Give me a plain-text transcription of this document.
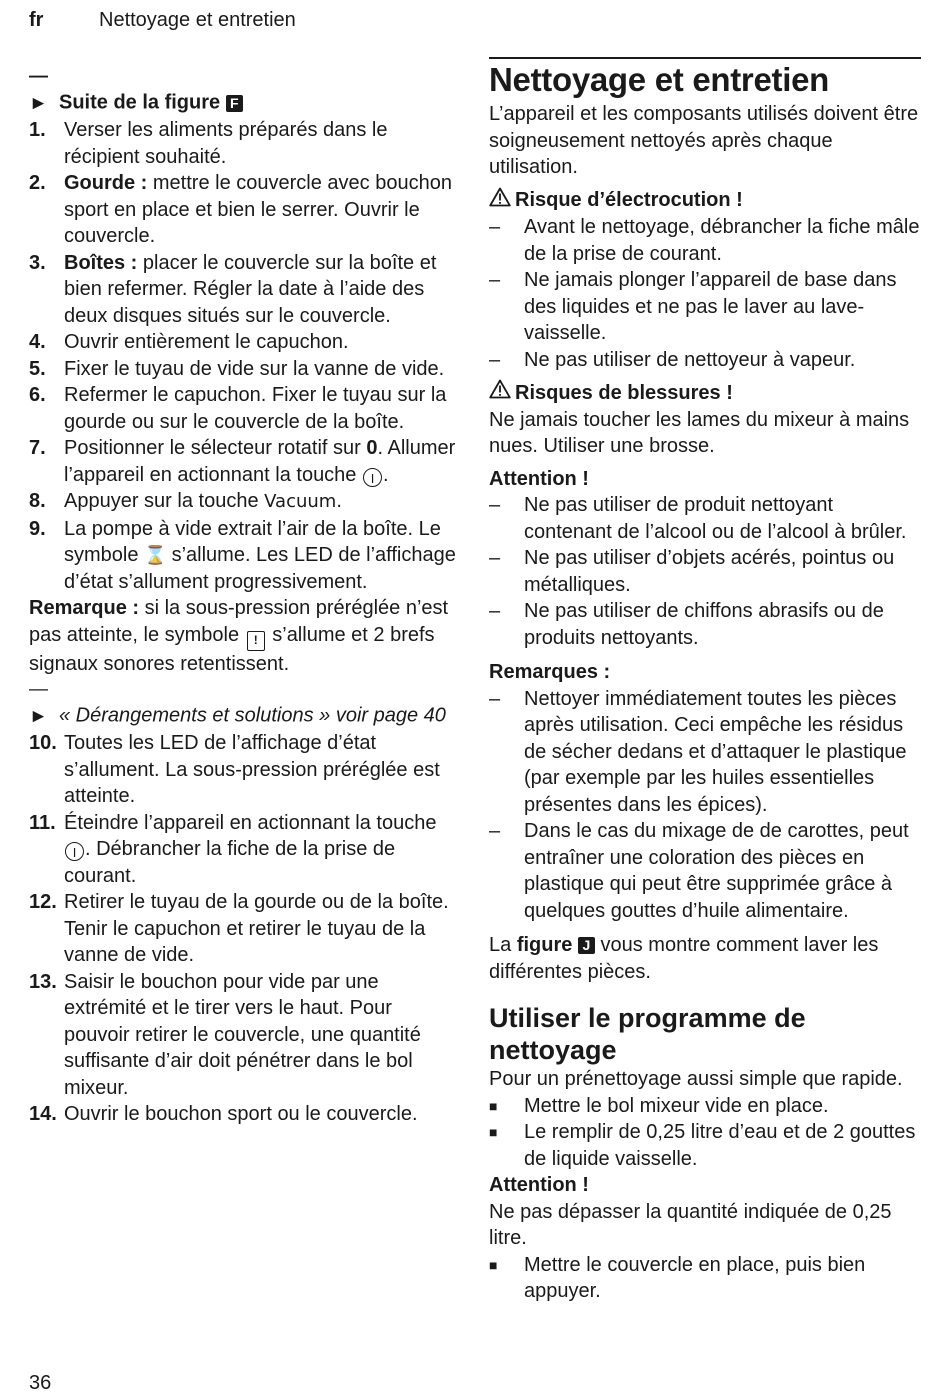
fr	Nettoyage et entretien
—► Suite de la figure F
1. Verser les aliments préparés dans le récipient souhaité.
2. Gourde : mettre le couvercle avec bouchon sport en place et bien le serrer. Ouvrir le couvercle.
3. Boîtes : placer le couvercle sur la boîte et bien refermer. Régler la date à l’aide des deux disques situés sur le couvercle.
4. Ouvrir entièrement le capuchon.
5. Fixer le tuyau de vide sur la vanne de vide.
6. Refermer le capuchon. Fixer le tuyau sur la gourde ou sur le couvercle de la boîte.
7. Positionner le sélecteur rotatif sur 0. Allumer l’appareil en actionnant la touche I .
8. Appuyer sur la touche Vacuum.
9. La pompe à vide extrait l’air de la boîte. Le symbole ⌛ s’allume. Les LED de l’affichage d’état s’allument progressivement.
Remarque : si la sous-pression préréglée n’est pas atteinte, le symbole ! s’allume et 2 brefs signaux sonores retentissent.
—► « Dérangements et solutions » voir page 40
10. Toutes les LED de l’affichage d’état s’allument. La sous-pression préréglée est atteinte.
11. Éteindre l’appareil en actionnant la touche I . Débrancher la fiche de la prise de courant.
12. Retirer le tuyau de la gourde ou de la boîte. Tenir le capuchon et retirer le tuyau de la vanne de vide.
13. Saisir le bouchon pour vide par une extrémité et le tirer vers le haut. Pour pouvoir retirer le couvercle, une quantité suffisante d’air doit pénétrer dans le bol mixeur.
14. Ouvrir le bouchon sport ou le couvercle.
Nettoyage et entretien
L’appareil et les composants utilisés doivent être soigneusement nettoyés après chaque utilisation.
Risque d’électrocution !
–	Avant le nettoyage, débrancher la fiche mâle de la prise de courant.
–	Ne jamais plonger l’appareil de base dans des liquides et ne pas le laver au lave-vaisselle.
–	Ne pas utiliser de nettoyeur à vapeur.
Risques de blessures !
Ne jamais toucher les lames du mixeur à mains nues. Utiliser une brosse.
Attention !
–	Ne pas utiliser de produit nettoyant contenant de l’alcool ou de l’alcool à brûler.
–	Ne pas utiliser d’objets acérés, pointus ou métalliques.
–	Ne pas utiliser de chiffons abrasifs ou de produits nettoyants.
Remarques :
–	Nettoyer immédiatement toutes les pièces après utilisation. Ceci empêche les résidus de sécher dedans et d’attaquer le plastique (par exemple par les huiles essentielles présentes dans les épices).
–	Dans le cas du mixage de de carottes, peut entraîner une coloration des pièces en plastique qui peut être supprimée grâce à quelques gouttes d’huile alimentaire.
La figure J vous montre comment laver les différentes pièces.
Utiliser le programme de nettoyage
Pour un prénettoyage aussi simple que rapide.
■	Mettre le bol mixeur vide en place.
■	Le remplir de 0,25 litre d’eau et de 2 gouttes de liquide vaisselle.
Attention !
Ne pas dépasser la quantité indiquée de 0,25 litre.
■	Mettre le couvercle en place, puis bien appuyer.
36
